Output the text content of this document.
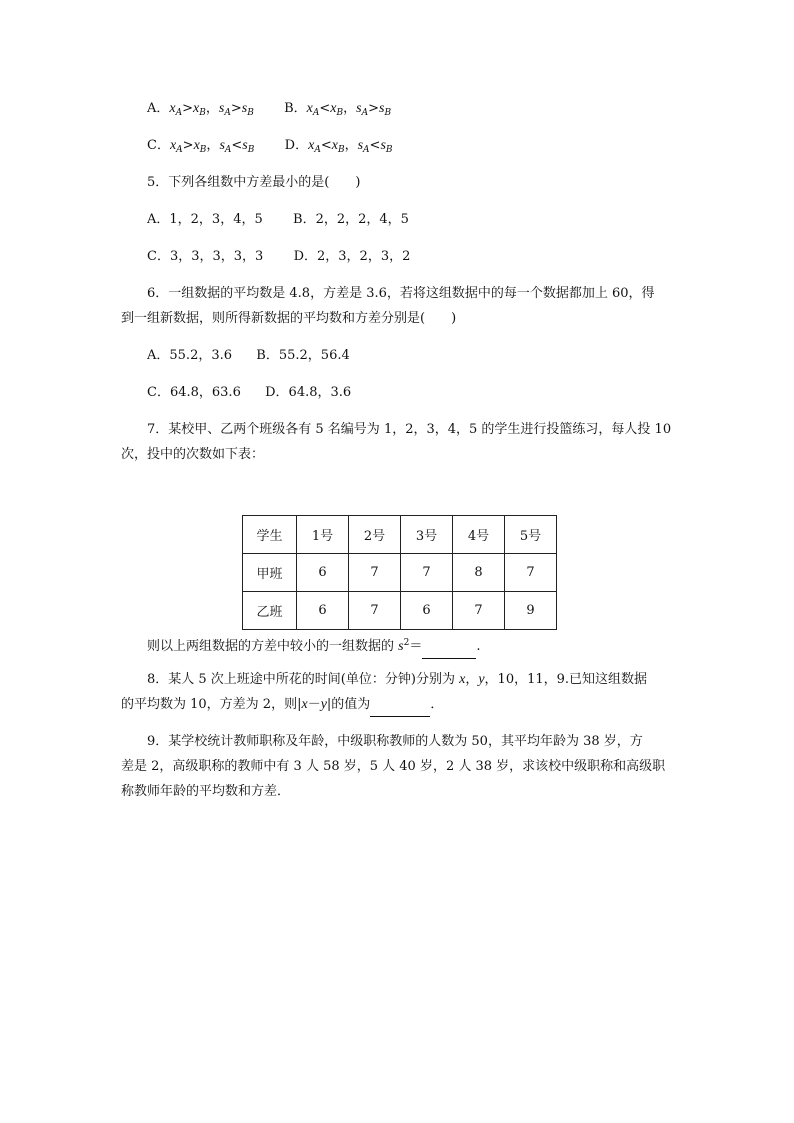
A．$x_A>x_B$，$s_A>s_B$ B．$x_A<x_B$，$s_A>s_B$
C．$x_A>x_B$，$s_A<s_B$ D．$x_A<x_B$，$s_A<s_B$
5．下列各组数中方差最小的是(　　)
A．1，2，3，4，5 B．2，2，2，4，5
C．3，3，3，3，3 D．2，3，2，3，2
6．一组数据的平均数是 4.8，方差是 3.6，若将这组数据中的每一个数据都加上 60，得
到一组新数据，则所得新数据的平均数和方差分别是(　　)
A．55.2，3.6 B．55.2，56.4
C．64.8，63.6 D．64.8，3.6
7．某校甲、乙两个班级各有 5 名编号为 1，2，3，4，5 的学生进行投篮练习，每人投 10
次，投中的次数如下表：
学生	1号	2号	3号	4号	5号
甲班	6	7	7	8	7
乙班	6	7	6	7	9
则以上两组数据的方差中较小的一组数据的 $s^2=$	.
8．某人 5 次上班途中所花的时间(单位：分钟)分别为 x，y，10，11，9.已知这组数据
的平均数为 10，方差为 2，则|x－y|的值为	．
9．某学校统计教师职称及年龄，中级职称教师的人数为 50，其平均年龄为 38 岁，方
差是 2，高级职称的教师中有 3 人 58 岁，5 人 40 岁，2 人 38 岁，求该校中级职称和高级职
称教师年龄的平均数和方差．
